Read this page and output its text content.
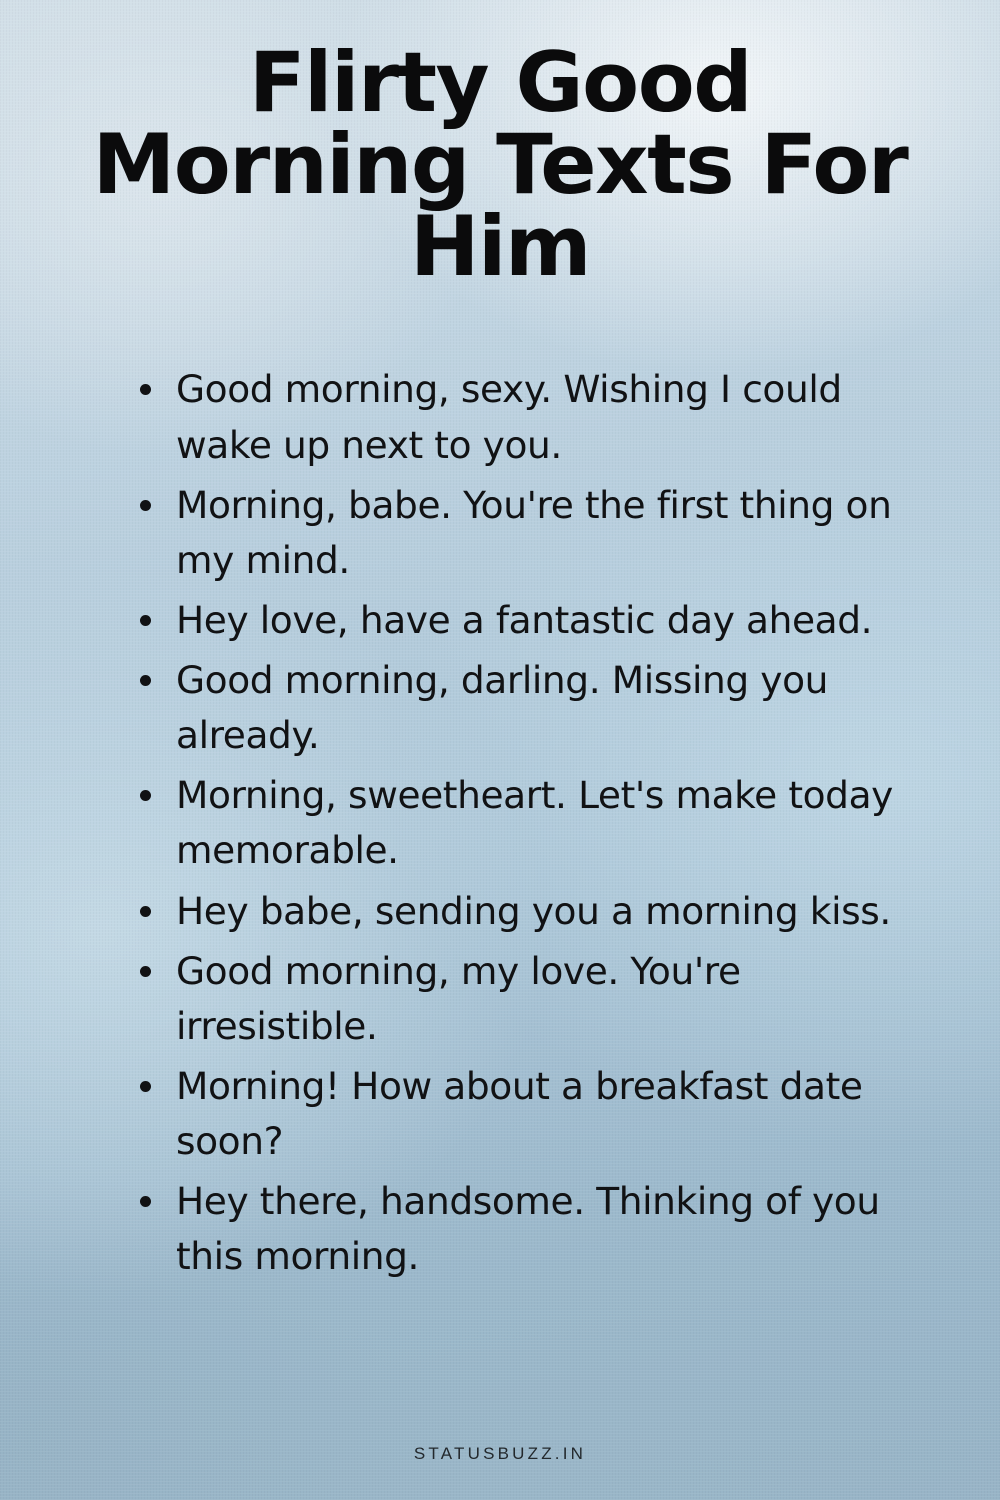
Flirty Good Morning Texts For Him
Good morning, sexy. Wishing I could wake up next to you.
Morning, babe. You're the first thing on my mind.
Hey love, have a fantastic day ahead.
Good morning, darling. Missing you already.
Morning, sweetheart. Let's make today memorable.
Hey babe, sending you a morning kiss.
Good morning, my love. You're irresistible.
Morning! How about a breakfast date soon?
Hey there, handsome. Thinking of you this morning.
STATUSBUZZ.IN
